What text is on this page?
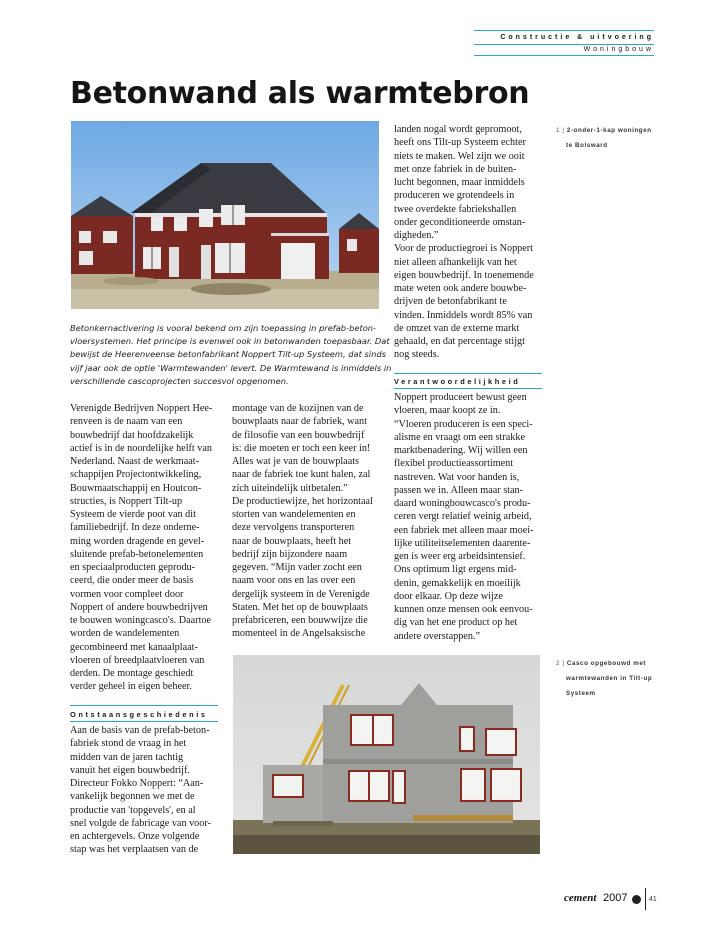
Constructie & uitvoering
Woningbouw
Betonwand als warmtebron

Betonkernactivering is vooral bekend om zijn toepassing in prefab-beton-

vloersystemen. Het principe is evenwel ook in betonwanden toepasbaar. Dat

bewijst de Heerenveense betonfabrikant Noppert Tilt-up Systeem, dat sinds

vijf jaar ook de optie 'Warmtewanden' levert. De Warmtewand is inmiddels in

verschillende cascoprojecten succesvol opgenomen.

Verenigde Bedrijven Noppert Hee-

renveen is de naam van een

bouwbedrijf dat hoofdzakelijk

actief is in de noordelijke helft van

Nederland. Naast de werkmaat-

schappijen Projectontwikkeling,

Bouwmaatschappij en Houtcon-

structies, is Noppert Tilt-up

Systeem de vierde poot van dit

familiebedrijf. In deze onderne-

ming worden dragende en gevel-

sluitende prefab-betonelementen

en speciaalproducten geprodu-

ceerd, die onder meer de basis

vormen voor compleet door

Noppert of andere bouwbedrijven

te bouwen woningcasco's. Daartoe

worden de wandelementen

gecombineerd met kanaalplaat-

vloeren of breedplaatvloeren van

derden. De montage geschiedt

verder geheel in eigen beheer.

Ontstaansgeschiedenis

Aan de basis van de prefab-beton-

fabriek stond de vraag in het

midden van de jaren tachtig

vanuit het eigen bouwbedrijf.

Directeur Fokko Noppert: “Aan-

vankelijk begonnen we met de

productie van 'topgevels', en al

snel volgde de fabricage van voor-

en achtergevels. Onze volgende

stap was het verplaatsen van de

montage van de kozijnen van de

bouwplaats naar de fabriek, want

de filosofie van een bouwbedrijf

is: die moeten er toch een keer in!

Alles wat je van de bouwplaats

naar de fabriek toe kunt halen, zal

zich uiteindelijk uitbetalen.”

De productiewijze, het horizontaal

storten van wandelementen en

deze vervolgens transporteren

naar de bouwplaats, heeft het

bedrijf zijn bijzondere naam

gegeven. “Mijn vader zocht een

naam voor ons en las over een

dergelijk systeem in de Verenigde

Staten. Met het op de bouwplaats

prefabriceren, een bouwwijze die

momenteel in de Angelsaksische

landen nogal wordt gepromoot,

heeft ons Tilt-up Systeem echter

niets te maken. Wel zijn we ooit

met onze fabriek in de buiten-

lucht begonnen, maar inmiddels

produceren we grotendeels in

twee overdekte fabriekshallen

onder geconditioneerde omstan-

digheden.”

Voor de productiegroei is Noppert

niet alleen afhankelijk van het

eigen bouwbedrijf. In toenemende

mate weten ook andere bouwbe-

drijven de betonfabrikant te

vinden. Inmiddels wordt 85% van

de omzet van de externe markt

gehaald, en dat percentage stijgt

nog steeds.

Verantwoordelijkheid

Noppert produceert bewust geen

vloeren, maar koopt ze in.

“Vloeren produceren is een speci-

alisme en vraagt om een strakke

marktbenadering. Wij willen een

flexibel productieassortiment

nastreven. Wat voor handen is,

passen we in. Alleen maar stan-

daard woningbouwcasco's produ-

ceren vergt relatief weinig arbeid,

een fabriek met alleen maar moei-

lijke utiliteitselementen daarente-

gen is weer erg arbeidsintensief.

Ons optimum ligt ergens mid-

denin, gemakkelijk en moeilijk

door elkaar. Op deze wijze

kunnen onze mensen ook eenvou-

dig van het ene product op het

andere overstappen.”

1 | 2-onder-1-kap woningen
te Bolsward
2 | Casco opgebouwd met
warmtewanden in Tilt-up
Systeem
cement 2007	41
